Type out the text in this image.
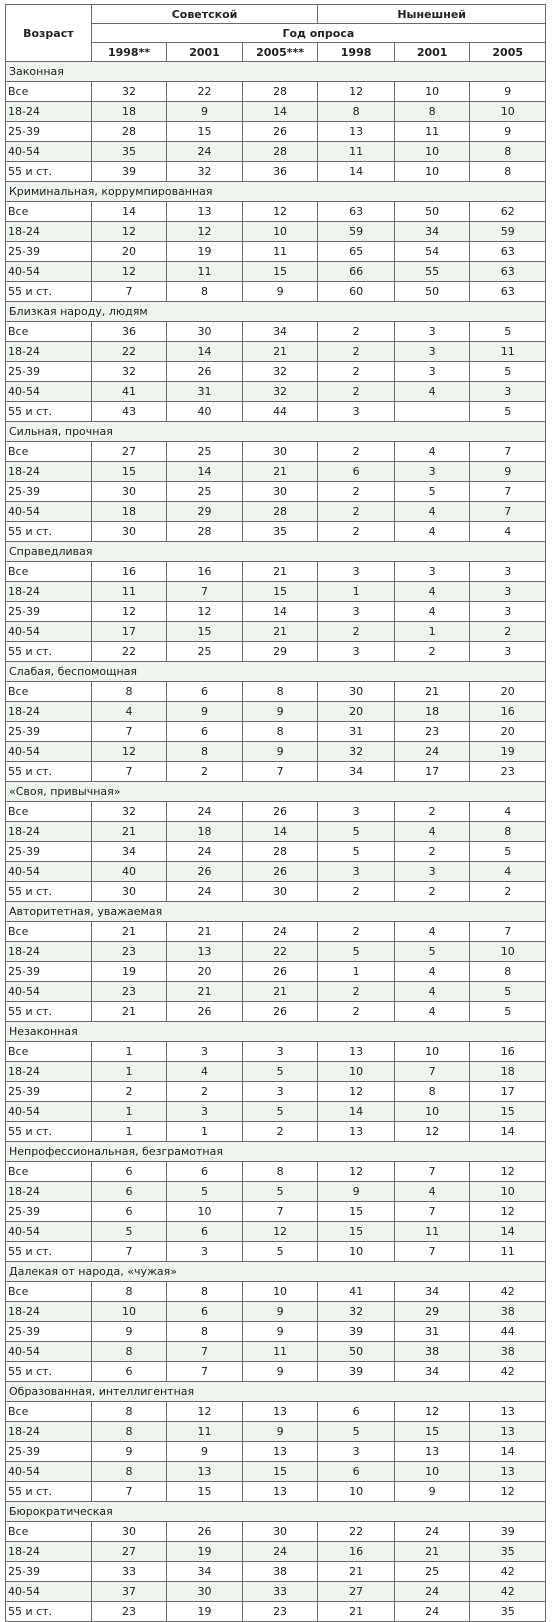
Возраст	Советской			Нынешней		
	Год опроса					
	1998**	2001	2005***	1998	2001	2005
Законная						
Все	32	22	28	12	10	9
18-24	18	9	14	8	8	10
25-39	28	15	26	13	11	9
40-54	35	24	28	11	10	8
55 и ст.	39	32	36	14	10	8
Криминальная, коррумпированная						
Все	14	13	12	63	50	62
18-24	12	12	10	59	34	59
25-39	20	19	11	65	54	63
40-54	12	11	15	66	55	63
55 и ст.	7	8	9	60	50	63
Близкая народу, людям						
Все	36	30	34	2	3	5
18-24	22	14	21	2	3	11
25-39	32	26	32	2	3	5
40-54	41	31	32	2	4	3
55 и ст.	43	40	44	3		5
Сильная, прочная						
Все	27	25	30	2	4	7
18-24	15	14	21	6	3	9
25-39	30	25	30	2	5	7
40-54	18	29	28	2	4	7
55 и ст.	30	28	35	2	4	4
Справедливая						
Все	16	16	21	3	3	3
18-24	11	7	15	1	4	3
25-39	12	12	14	3	4	3
40-54	17	15	21	2	1	2
55 и ст.	22	25	29	3	2	3
Слабая, беспомощная						
Все	8	6	8	30	21	20
18-24	4	9	9	20	18	16
25-39	7	6	8	31	23	20
40-54	12	8	9	32	24	19
55 и ст.	7	2	7	34	17	23
«Своя, привычная»						
Все	32	24	26	3	2	4
18-24	21	18	14	5	4	8
25-39	34	24	28	5	2	5
40-54	40	26	26	3	3	4
55 и ст.	30	24	30	2	2	2
Авторитетная, уважаемая						
Все	21	21	24	2	4	7
18-24	23	13	22	5	5	10
25-39	19	20	26	1	4	8
40-54	23	21	21	2	4	5
55 и ст.	21	26	26	2	4	5
Незаконная						
Все	1	3	3	13	10	16
18-24	1	4	5	10	7	18
25-39	2	2	3	12	8	17
40-54	1	3	5	14	10	15
55 и ст.	1	1	2	13	12	14
Непрофессиональная, безграмотная						
Все	6	6	8	12	7	12
18-24	6	5	5	9	4	10
25-39	6	10	7	15	7	12
40-54	5	6	12	15	11	14
55 и ст.	7	3	5	10	7	11
Далекая от народа, «чужая»						
Все	8	8	10	41	34	42
18-24	10	6	9	32	29	38
25-39	9	8	9	39	31	44
40-54	8	7	11	50	38	38
55 и ст.	6	7	9	39	34	42
Образованная, интеллигентная						
Все	8	12	13	6	12	13
18-24	8	11	9	5	15	13
25-39	9	9	13	3	13	14
40-54	8	13	15	6	10	13
55 и ст.	7	15	13	10	9	12
Бюрократическая						
Все	30	26	30	22	24	39
18-24	27	19	24	16	21	35
25-39	33	34	38	21	25	42
40-54	37	30	33	27	24	42
55 и ст.	23	19	23	21	24	35
